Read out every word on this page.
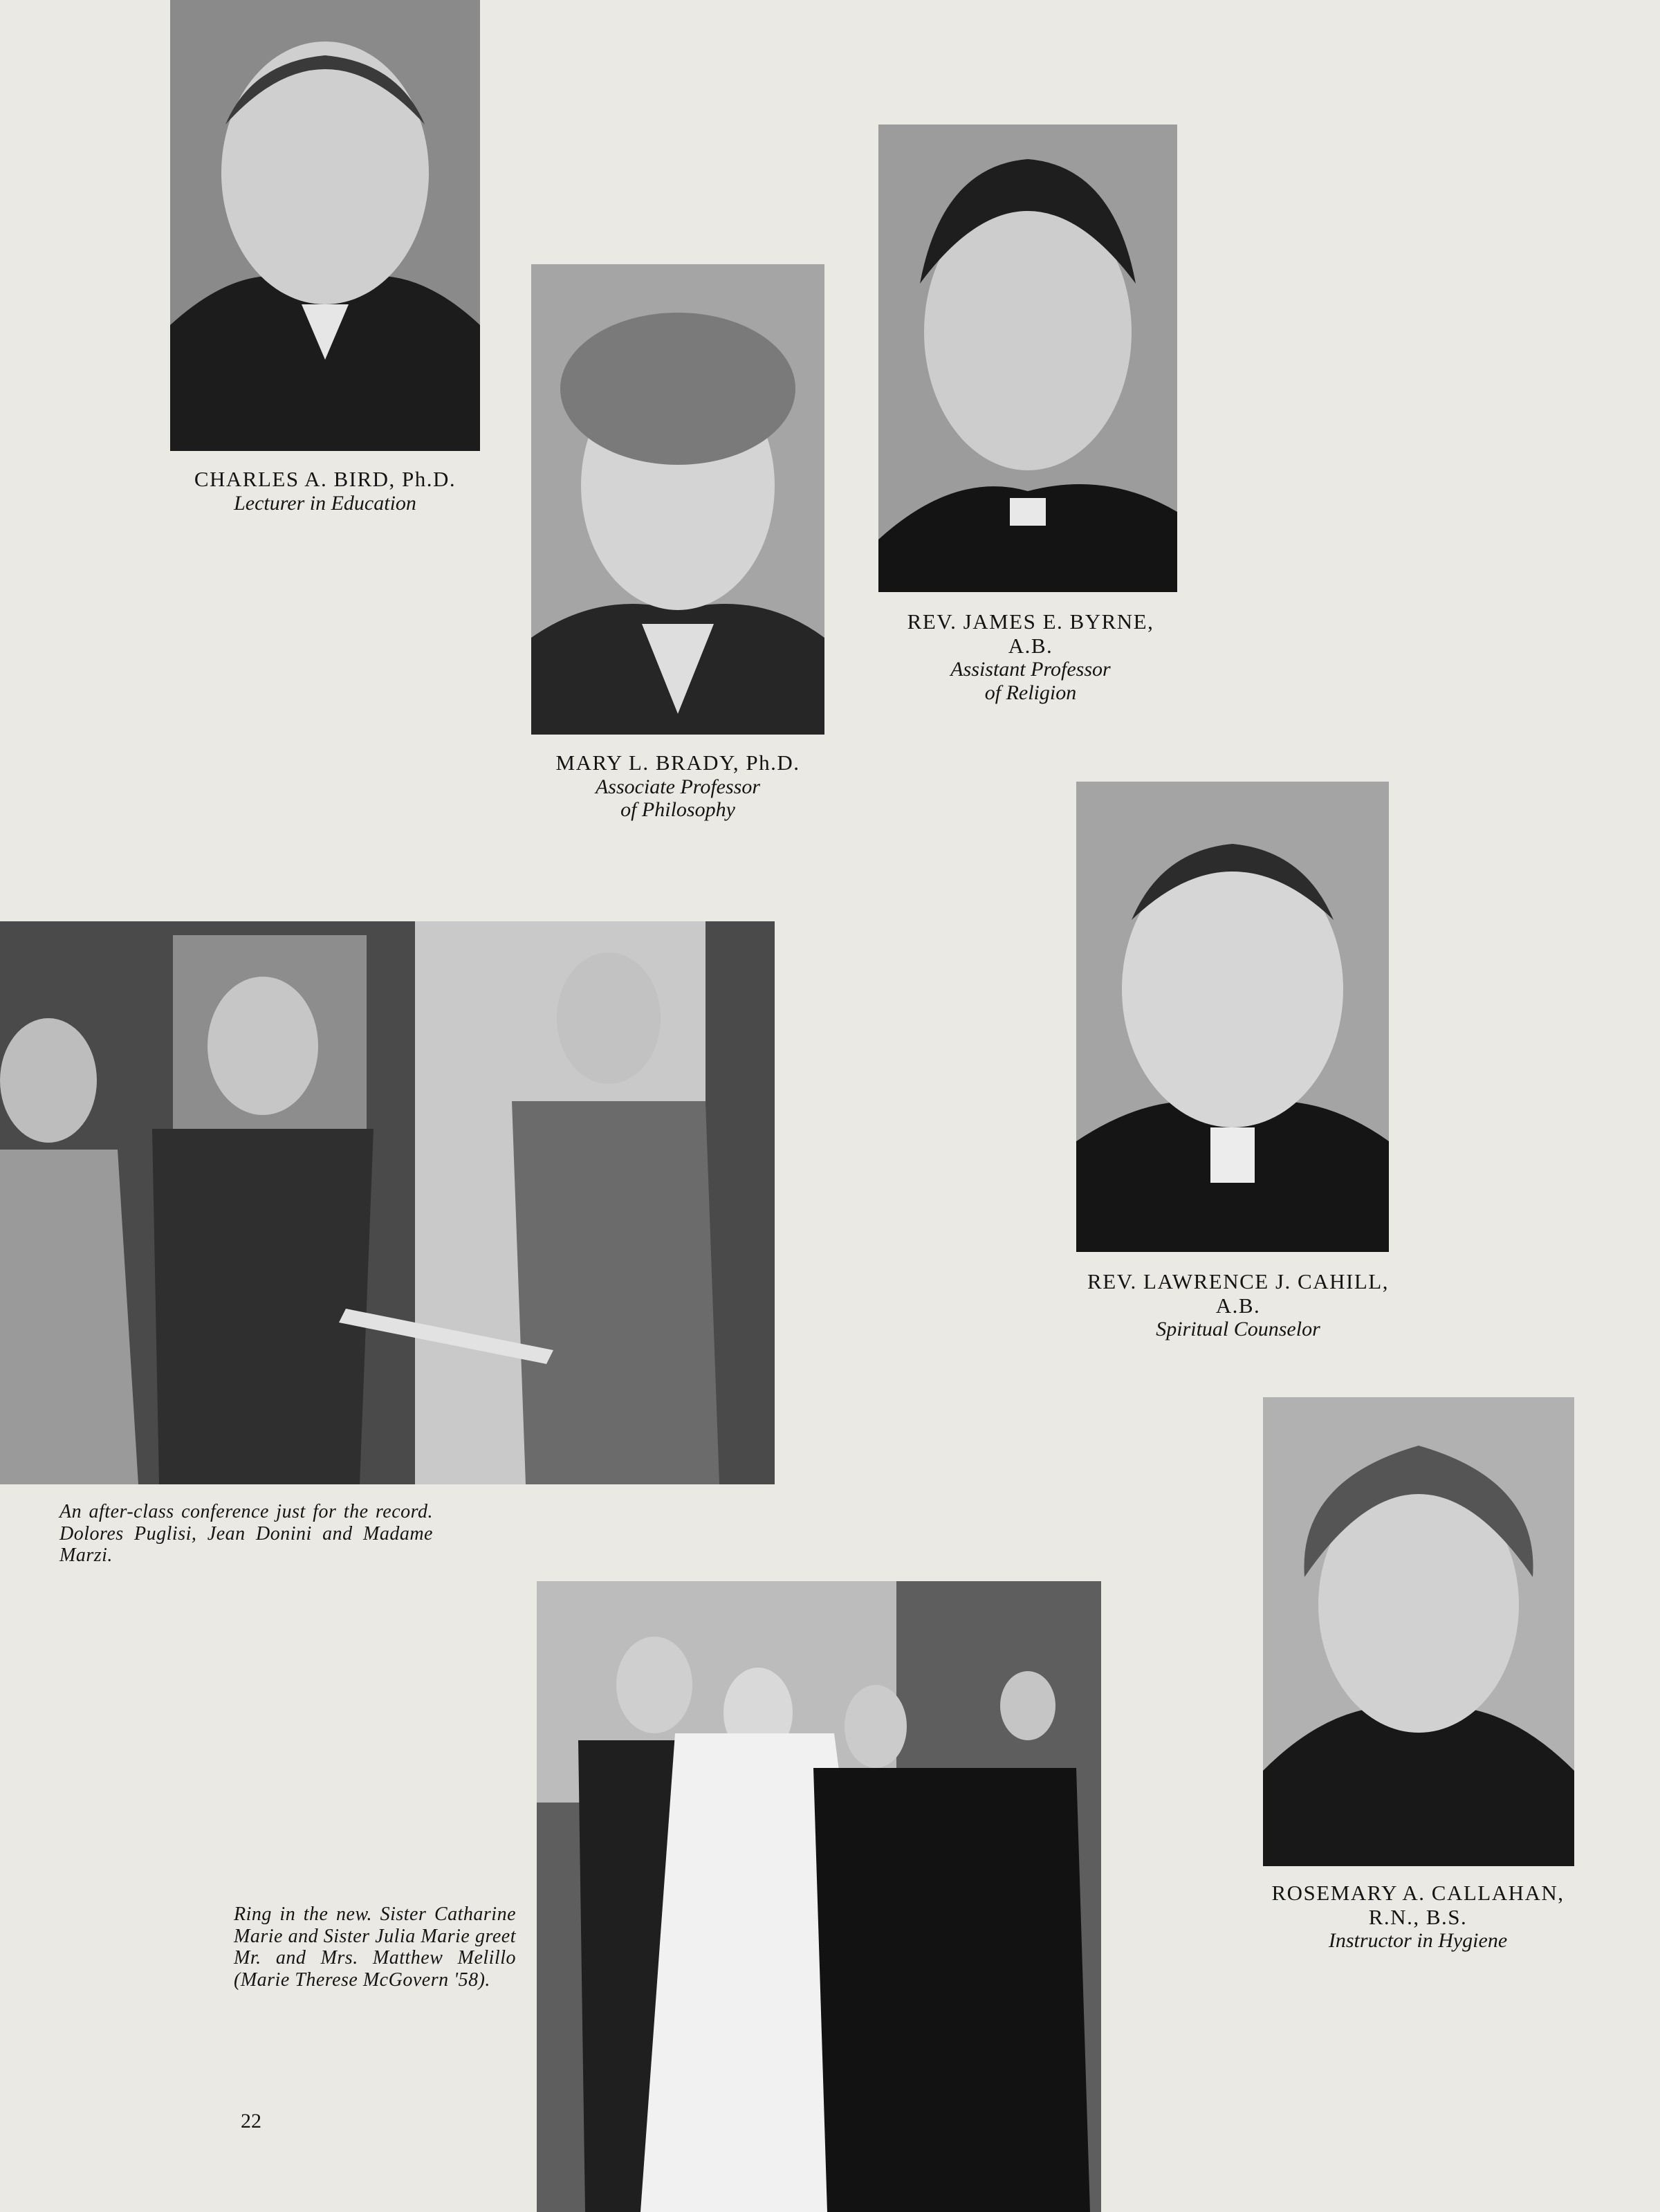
CHARLES A. BIRD, Ph.D.
Lecturer in Education
MARY L. BRADY, Ph.D.
Associate Professor
of Philosophy
REV. JAMES E. BYRNE,
A.B.
Assistant Professor
of Religion
An after-class conference just for the record. Dolores Puglisi, Jean Donini and Madame Marzi.
REV. LAWRENCE J. CAHILL,
A.B.
Spiritual Counselor
Ring in the new. Sister Catharine Marie and Sister Julia Marie greet Mr. and Mrs. Matthew Melillo (Marie Therese McGovern '58).
ROSEMARY A. CALLAHAN,
R.N., B.S.
Instructor in Hygiene
22
